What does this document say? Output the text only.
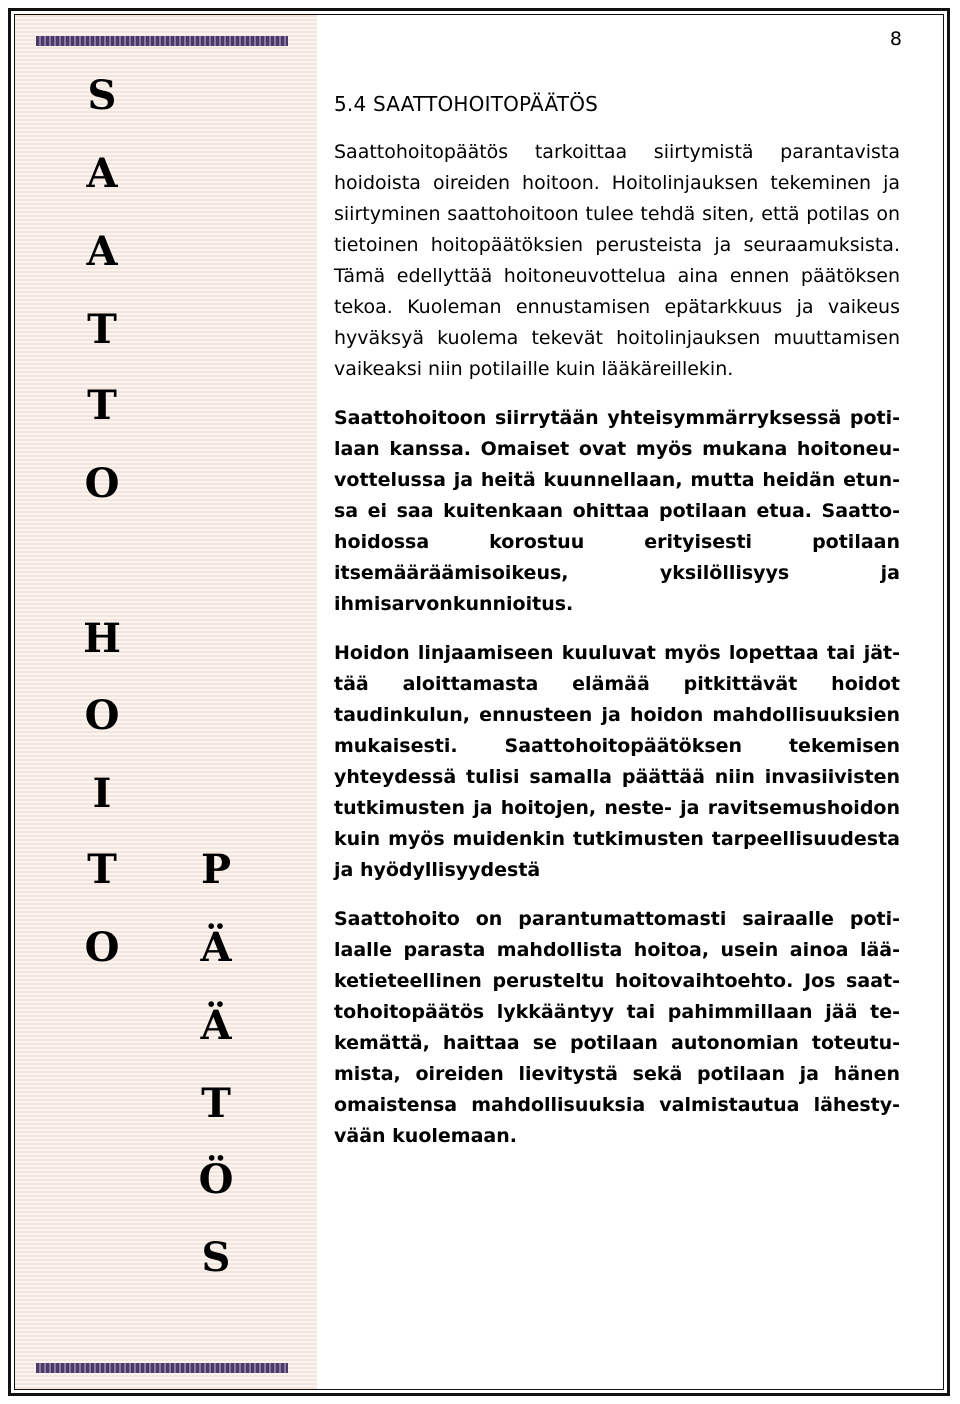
S
A
A
T
T
O
H
O
I
T
O
P
Ä
Ä
T
Ö
S
8
5.4 SAATTOHOITOPÄÄTÖS

Saattohoitopäätös tarkoittaa siirtymistä parantavista hoidoista oireiden hoitoon. Hoitolinjauksen tekeminen ja siirtyminen saattohoitoon tulee tehdä siten, että potilas on tietoinen hoitopäätöksien perusteista ja seuraamuksista. Tämä edellyttää hoitoneuvottelua aina ennen päätöksen tekoa. Kuoleman ennustamisen epätarkkuus ja vaikeus hyväksyä kuolema tekevät hoitolinjauksen muuttamisen vaikeaksi niin potilaille kuin lääkäreillekin.

Saattohoitoon siirrytään yhteisymmärryksessä potilaan kanssa. Omaiset ovat myös mukana hoitoneuvottelussa ja heitä kuunnellaan, mutta heidän etunsa ei saa kuitenkaan ohittaa potilaan etua. Saattohoidossa korostuu erityisesti potilaan itsemääräämisoikeus, yksilöllisyys ja ihmisarvonkunnioitus.

Hoidon linjaamiseen kuuluvat myös lopettaa tai jättää aloittamasta elämää pitkittävät hoidot taudinkulun, ennusteen ja hoidon mahdollisuuksien mukaisesti. Saattohoitopäätöksen tekemisen yhteydessä tulisi samalla päättää niin invasiivisten tutkimusten ja hoitojen, neste- ja ravitsemushoidon kuin myös muidenkin tutkimusten tarpeellisuudesta ja hyödyllisyydestä

Saattohoito on parantumattomasti sairaalle potilaalle parasta mahdollista hoitoa, usein ainoa lääketieteellinen perusteltu hoitovaihtoehto. Jos saattohoitopäätös lykkääntyy tai pahimmillaan jää tekemättä, haittaa se potilaan autonomian toteutumista, oireiden lievitystä sekä potilaan ja hänen omaistensa mahdollisuuksia valmistautua lähestyvään kuolemaan.
